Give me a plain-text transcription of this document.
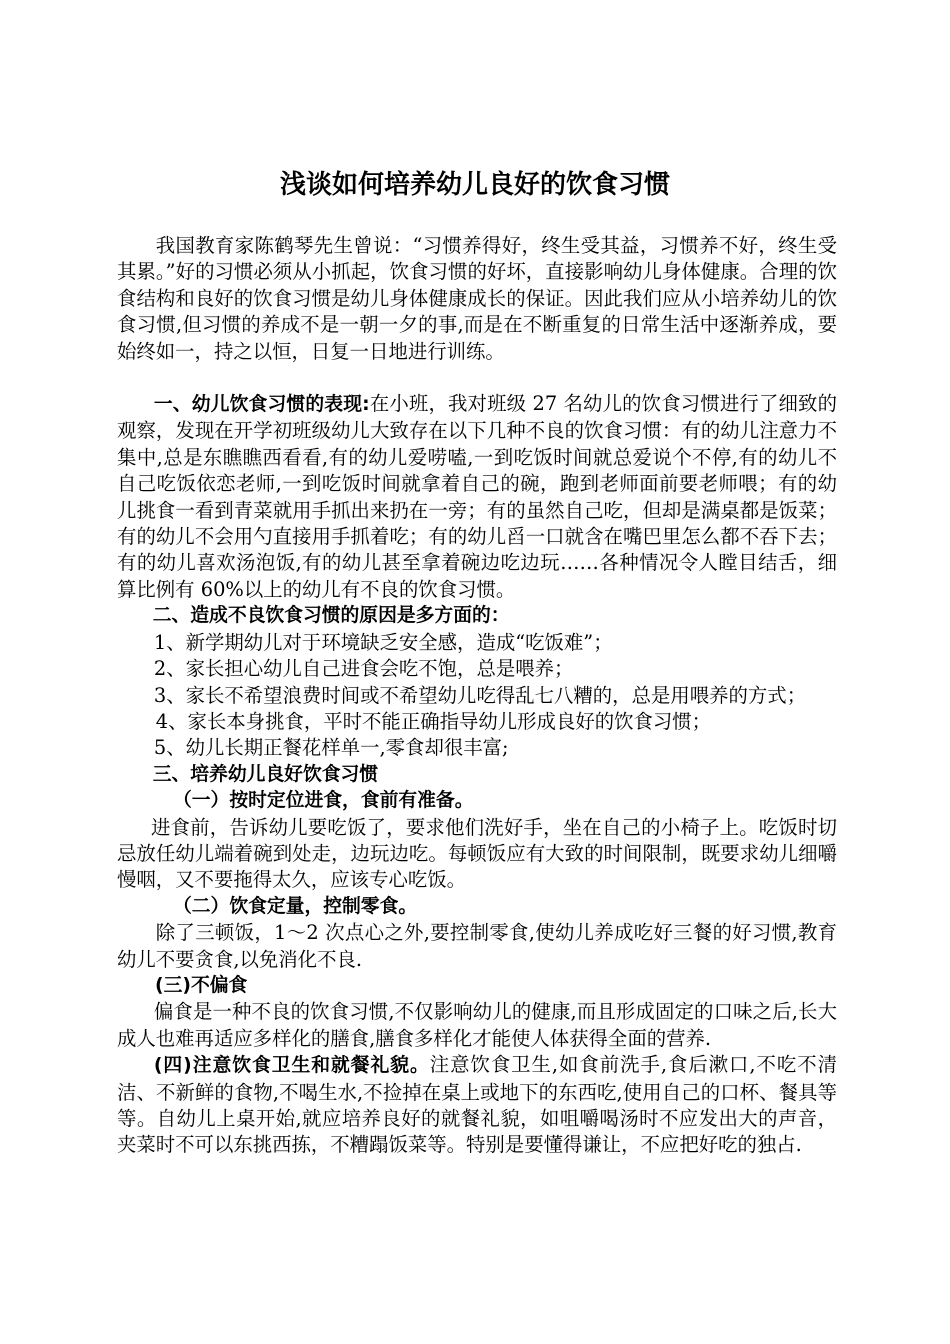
浅谈如何培养幼儿良好的饮食习惯

我国教育家陈鹤琴先生曾说：“习惯养得好，终生受其益，习惯养不好，终生受其累。”好的习惯必须从小抓起，饮食习惯的好坏，直接影响幼儿身体健康。合理的饮食结构和良好的饮食习惯是幼儿身体健康成长的保证。因此我们应从小培养幼儿的饮食习惯,但习惯的养成不是一朝一夕的事,而是在不断重复的日常生活中逐渐养成，要始终如一，持之以恒，日复一日地进行训练。

一、幼儿饮食习惯的表现:在小班，我对班级 27 名幼儿的饮食习惯进行了细致的观察，发现在开学初班级幼儿大致存在以下几种不良的饮食习惯：有的幼儿注意力不集中,总是东瞧瞧西看看,有的幼儿爱唠嗑,一到吃饭时间就总爱说个不停,有的幼儿不自己吃饭依恋老师,一到吃饭时间就拿着自己的碗，跑到老师面前要老师喂；有的幼儿挑食一看到青菜就用手抓出来扔在一旁；有的虽然自己吃，但却是满桌都是饭菜；有的幼儿不会用勺直接用手抓着吃；有的幼儿舀一口就含在嘴巴里怎么都不吞下去；有的幼儿喜欢汤泡饭,有的幼儿甚至拿着碗边吃边玩……各种情况令人瞠目结舌，细算比例有 60%以上的幼儿有不良的饮食习惯。

二、造成不良饮食习惯的原因是多方面的：

1、新学期幼儿对于环境缺乏安全感，造成“吃饭难”；

2、家长担心幼儿自己进食会吃不饱，总是喂养；

3、家长不希望浪费时间或不希望幼儿吃得乱七八糟的，总是用喂养的方式；

4、家长本身挑食，平时不能正确指导幼儿形成良好的饮食习惯；

5、幼儿长期正餐花样单一,零食却很丰富;

三、培养幼儿良好饮食习惯

（一）按时定位进食，食前有准备。

进食前，告诉幼儿要吃饭了，要求他们洗好手，坐在自己的小椅子上。吃饭时切忌放任幼儿端着碗到处走，边玩边吃。每顿饭应有大致的时间限制，既要求幼儿细嚼慢咽，又不要拖得太久，应该专心吃饭。

（二）饮食定量，控制零食。

除了三顿饭，1～2 次点心之外,要控制零食,使幼儿养成吃好三餐的好习惯,教育幼儿不要贪食,以免消化不良.

(三)不偏食

偏食是一种不良的饮食习惯,不仅影响幼儿的健康,而且形成固定的口味之后,长大成人也难再适应多样化的膳食,膳食多样化才能使人体获得全面的营养.

(四)注意饮食卫生和就餐礼貌。注意饮食卫生,如食前洗手,食后漱口,不吃不清洁、不新鲜的食物,不喝生水,不捡掉在桌上或地下的东西吃,使用自己的口杯、餐具等等。自幼儿上桌开始,就应培养良好的就餐礼貌，如咀嚼喝汤时不应发出大的声音，夹菜时不可以东挑西拣，不糟蹋饭菜等。特别是要懂得谦让，不应把好吃的独占.
